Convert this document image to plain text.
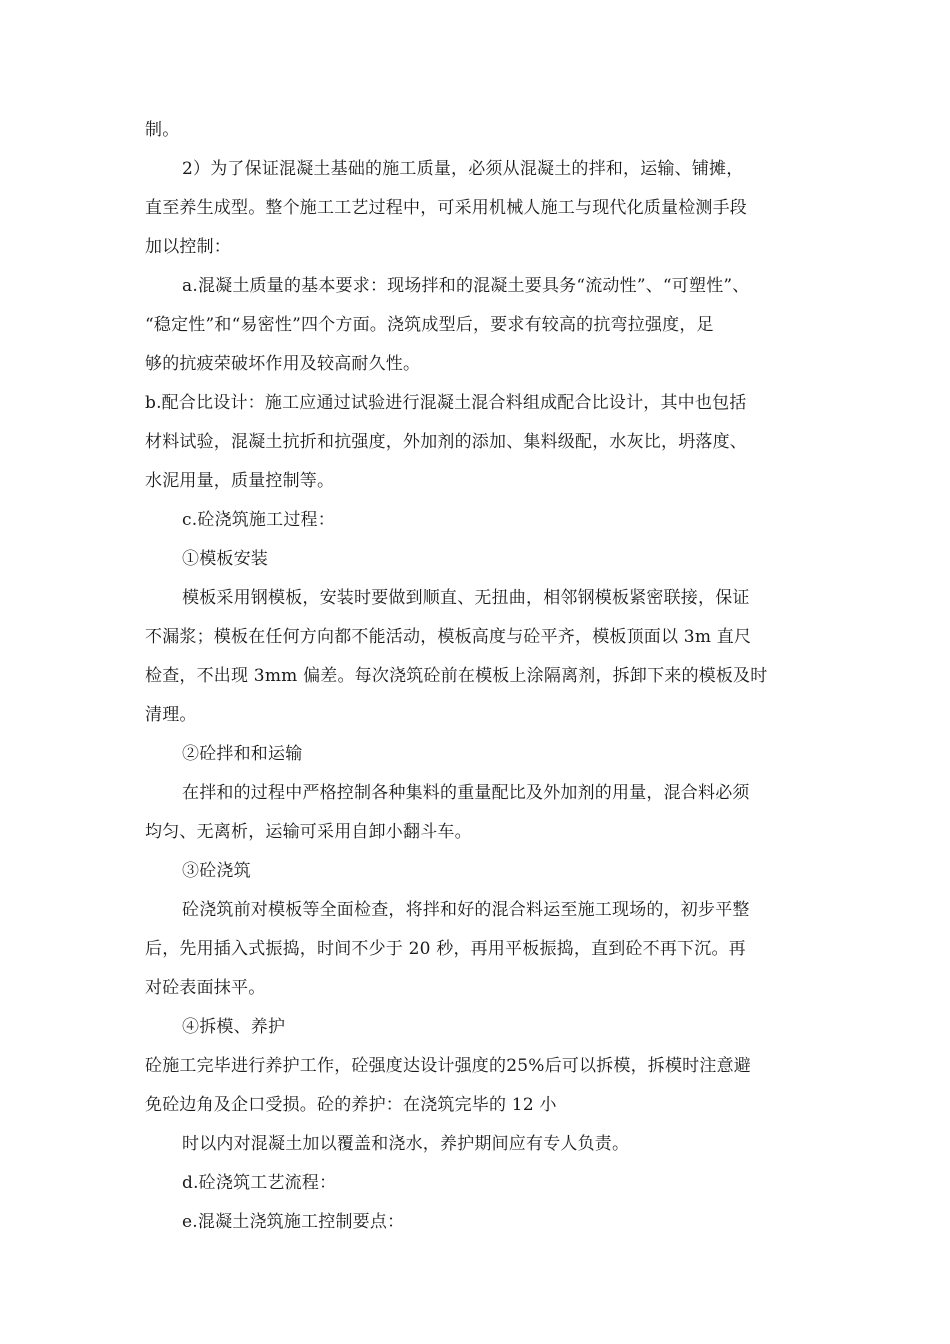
制。
2）为了保证混凝土基础的施工质量，必须从混凝土的拌和，运输、铺摊，
直至养生成型。整个施工工艺过程中，可采用机械人施工与现代化质量检测手段
加以控制：
a.混凝土质量的基本要求：现场拌和的混凝土要具务“流动性”、“可塑性”、
“稳定性”和“易密性”四个方面。浇筑成型后，要求有较高的抗弯拉强度，足
够的抗疲荣破坏作用及较高耐久性。
b.配合比设计：施工应通过试验进行混凝土混合料组成配合比设计，其中也包括
材料试验，混凝土抗折和抗强度，外加剂的添加、集料级配，水灰比，坍落度、
水泥用量，质量控制等。
c.砼浇筑施工过程：
①模板安装
模板采用钢模板，安装时要做到顺直、无扭曲，相邻钢模板紧密联接，保证
不漏浆；模板在任何方向都不能活动，模板高度与砼平齐，模板顶面以 3m 直尺
检查，不出现 3mm 偏差。每次浇筑砼前在模板上涂隔离剂，拆卸下来的模板及时
清理。
②砼拌和和运输
在拌和的过程中严格控制各种集料的重量配比及外加剂的用量，混合料必须
均匀、无离析，运输可采用自卸小翻斗车。
③砼浇筑
砼浇筑前对模板等全面检查，将拌和好的混合料运至施工现场的，初步平整
后，先用插入式振捣，时间不少于 20 秒，再用平板振捣，直到砼不再下沉。再
对砼表面抹平。
④拆模、养护
砼施工完毕进行养护工作，砼强度达设计强度的25%后可以拆模，拆模时注意避
免砼边角及企口受损。砼的养护：在浇筑完毕的 12 小
时以内对混凝土加以覆盖和浇水，养护期间应有专人负责。
d.砼浇筑工艺流程：
e.混凝土浇筑施工控制要点：
